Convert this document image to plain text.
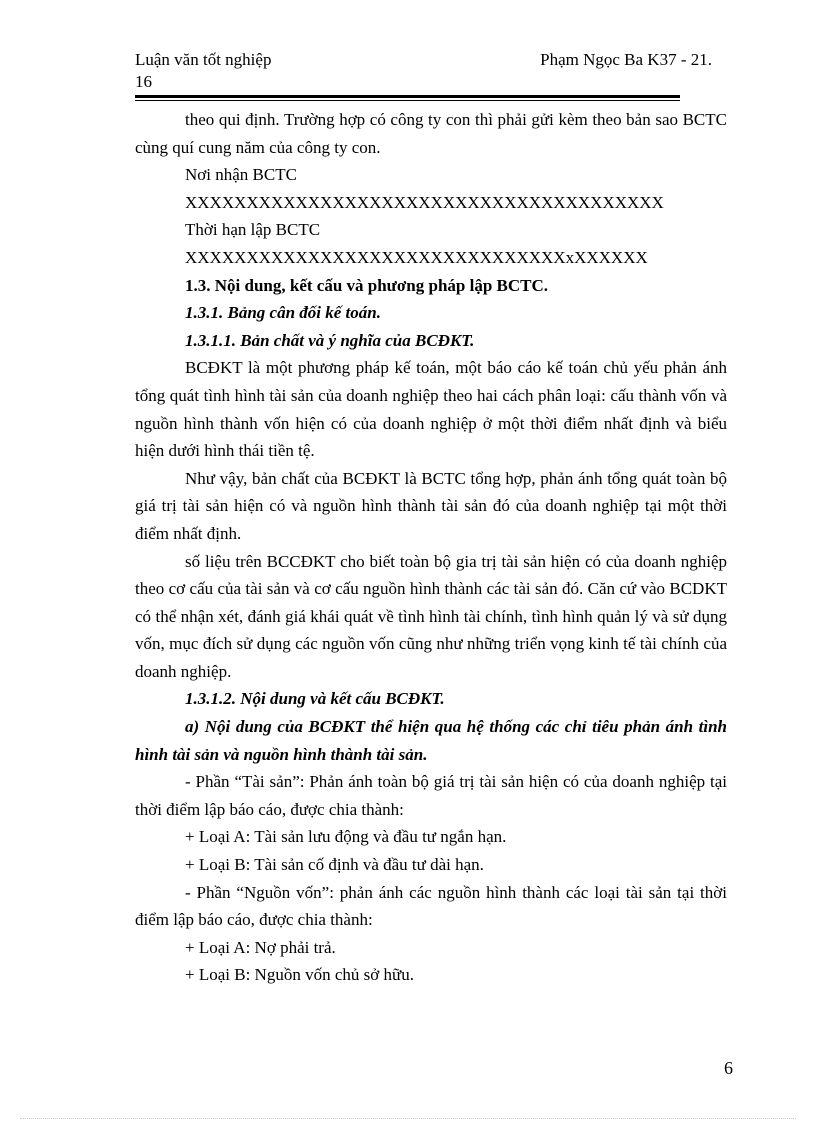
Luận văn tốt nghiệp
16
Phạm Ngọc Ba K37 - 21.

theo qui định. Trường hợp có công ty con thì phải gửi kèm theo bản sao BCTC cùng quí cung năm của công ty con.

Nơi nhận BCTC

XXXXXXXXXXXXXXXXXXXXXXXXXXXXXXXXXXXXXXX

Thời hạn lập BCTC

XXXXXXXXXXXXXXXXXXXXXXXXXXXXXXXxXXXXXX

1.3. Nội dung, kết cấu và phương pháp lập BCTC.

1.3.1. Bảng cân đối kế toán.

1.3.1.1. Bản chất và ý nghĩa của BCĐKT.

BCĐKT là một phương pháp kế toán, một báo cáo kế toán chủ yếu phản ánh tổng quát tình hình tài sản của doanh nghiệp theo hai cách phân loại: cấu thành vốn và nguồn hình thành vốn hiện có của doanh nghiệp ở một thời điểm nhất định và biểu hiện dưới hình thái tiền tệ.

Như vậy, bản chất của BCĐKT là BCTC tổng hợp, phản ánh tổng quát toàn bộ giá trị tài sản hiện có và nguồn hình thành tài sản đó của doanh nghiệp tại một thời điểm nhất định.

số liệu trên BCCĐKT cho biết toàn bộ gia trị tài sản hiện có của doanh nghiệp theo cơ cấu của tài sản và cơ cấu nguồn hình thành các tài sản đó. Căn cứ vào BCDKT có thể nhận xét, đánh giá khái quát về tình hình tài chính, tình hình quản lý và sử dụng vốn, mục đích sử dụng các nguồn vốn cũng như những triển vọng kinh tế tài chính của doanh nghiệp.

1.3.1.2. Nội dung và kết cấu BCĐKT.

a) Nội dung của BCĐKT thể hiện qua hệ thống các chỉ tiêu phản ánh tình hình tài sản và nguồn hình thành tài sản.

- Phần “Tài sản”: Phản ánh toàn bộ giá trị tài sản hiện có của doanh nghiệp tại thời điểm lập báo cáo, được chia thành:

+ Loại A: Tài sản lưu động và đầu tư ngắn hạn.

+ Loại B: Tài sản cố định và đầu tư dài hạn.

- Phần “Nguồn vốn”: phản ánh các nguồn hình thành các loại tài sản tại thời điểm lập báo cáo, được chia thành:

+ Loại A: Nợ phải trả.

+ Loại B: Nguồn vốn chủ sở hữu.

6
